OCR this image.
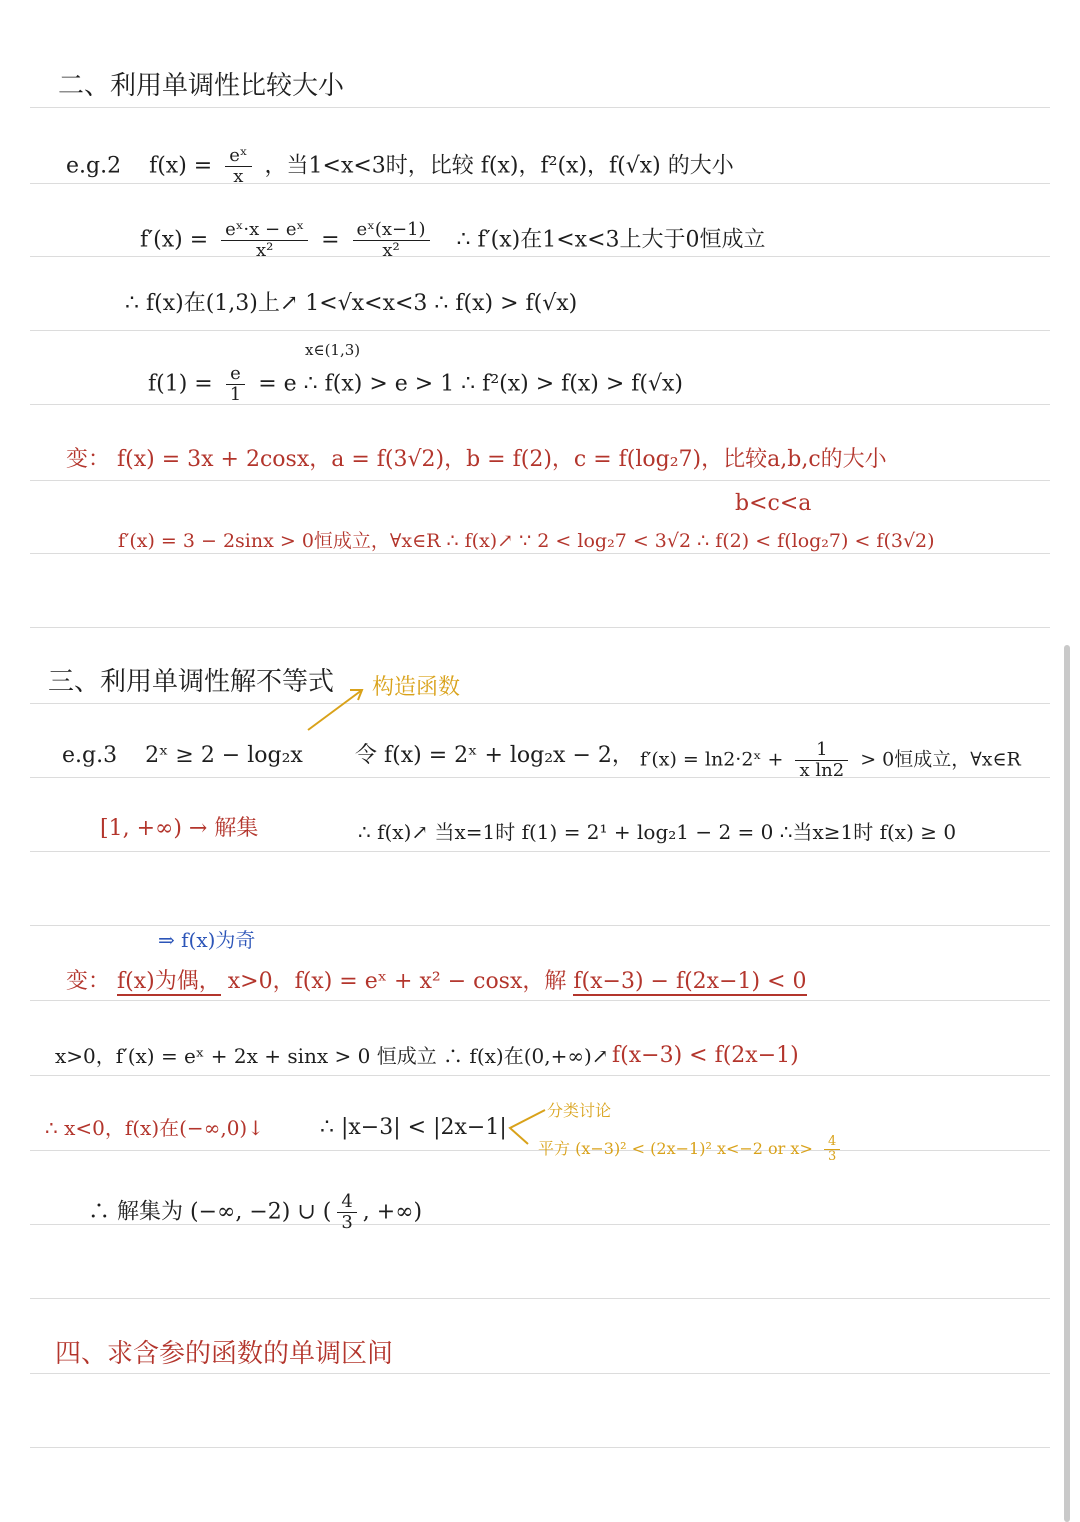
二、利用单调性比较大小
e.g.2 $f(x) = \frac{\text{eˣ}}{x}$ ，当1<x<3时，比较 f(x)，f²(x)，f(√x) 的大小
$f'(x) = \frac{\text{eˣ·x − eˣ}}{\text{x²}} = \frac{\text{eˣ(x−1)}}{\text{x²}}$ ∴ f′(x)在1<x<3上大于0恒成立
∴ f(x)在(1,3)上↗ 1<√x<x<3 ∴ f(x) > f(√x)
x∈(1,3)
$f(1) = \frac{e}{1} = e$ ∴ f(x) > e > 1 ∴ f²(x) > f(x) > f(√x)
变： f(x) = 3x + 2cosx，a = f(3√2)，b = f(2)，c = f(log₂7)，比较a,b,c的大小
b<c<a
f′(x) = 3 − 2sinx > 0恒成立，∀x∈R ∴ f(x)↗ ∵ 2 < log₂7 < 3√2 ∴ f(2) < f(log₂7) < f(3√2)
三、利用单调性解不等式 构造函数
e.g.3 2ˣ ≥ 2 − log₂x 令 f(x) = 2ˣ + log₂x − 2， f′(x) = ln2·2ˣ + $\frac{1}{\text{x ln2}} > 0$恒成立，∀x∈R
[1, +∞) → 解集	∴ f(x)↗ 当x=1时 f(1) = 2¹ + log₂1 − 2 = 0 ∴当x≥1时 f(x) ≥ 0
⇒ f(x)为奇
变： f(x)为偶， x>0，f(x) = eˣ + x² − cosx，解 f(x−3) − f(2x−1) < 0
x>0，f′(x) = eˣ + 2x + sinx > 0 恒成立 ∴ f(x)在(0,+∞)↗ f(x−3) < f(2x−1)
∴ x<0，f(x)在(−∞,0)↓	∴ |x−3| < |2x−1|
分类讨论
平方 (x−3)² < (2x−1)² x<−2 or $x> \frac{4}{3}$
∴ 解集为 (−∞, −2) ∪ ( $\frac{4}{3}$ , +∞)
四、求含参的函数的单调区间
